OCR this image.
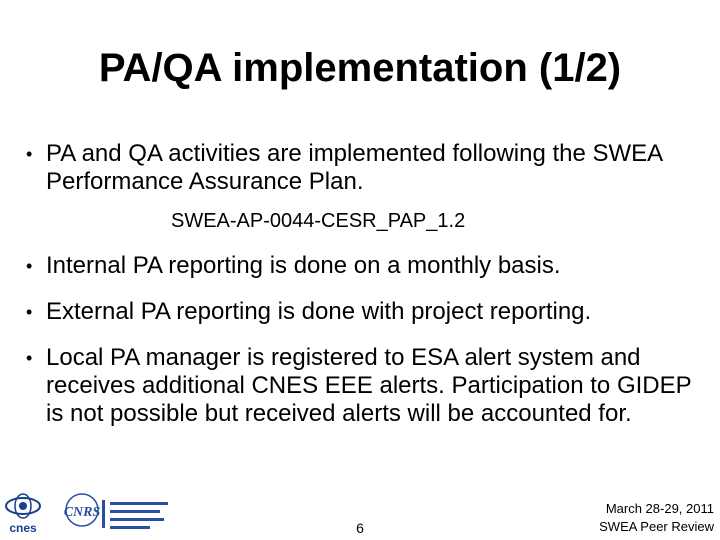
PA/QA implementation (1/2)
• PA and QA activities are implemented following the SWEA Performance Assurance Plan.
SWEA-AP-0044-CESR_PAP_1.2
• Internal PA reporting is done on a monthly basis.
• External PA reporting is done with project reporting.
• Local PA manager is registered to ESA alert system and receives additional CNES EEE alerts. Participation to GIDEP is not possible but received alerts will be accounted for.
cnes
CNRS
6
March 28-29, 2011
SWEA Peer Review
